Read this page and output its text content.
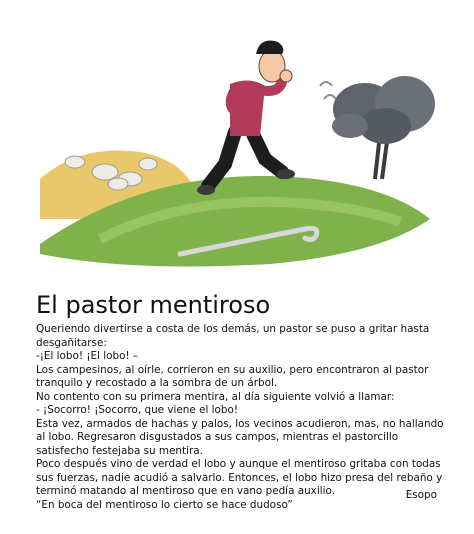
El pastor mentiroso

Queriendo divertirse a costa de los demás, un pastor se puso a gritar hasta desgañitarse:

-¡El lobo! ¡El lobo! –

Los campesinos, al oírle, corrieron en su auxilio, pero encontraron al pastor tranquilo y recostado a la sombra de un árbol.

No contento con su primera mentira, al día siguiente volvió a llamar:

- ¡Socorro! ¡Socorro, que viene el lobo!

Esta vez, armados de hachas y palos, los vecinos acudieron, mas, no hallando al lobo. Regresaron disgustados a sus campos, mientras el pastorcillo satisfecho festejaba su mentira.

Poco después vino de verdad el lobo y aunque el mentiroso gritaba con todas sus fuerzas, nadie acudió a salvarlo. Entonces, el lobo hizo presa del rebaño y terminó matando al mentiroso que en vano pedía auxilio.

“En boca del mentiroso lo cierto se hace dudoso”

Esopo
